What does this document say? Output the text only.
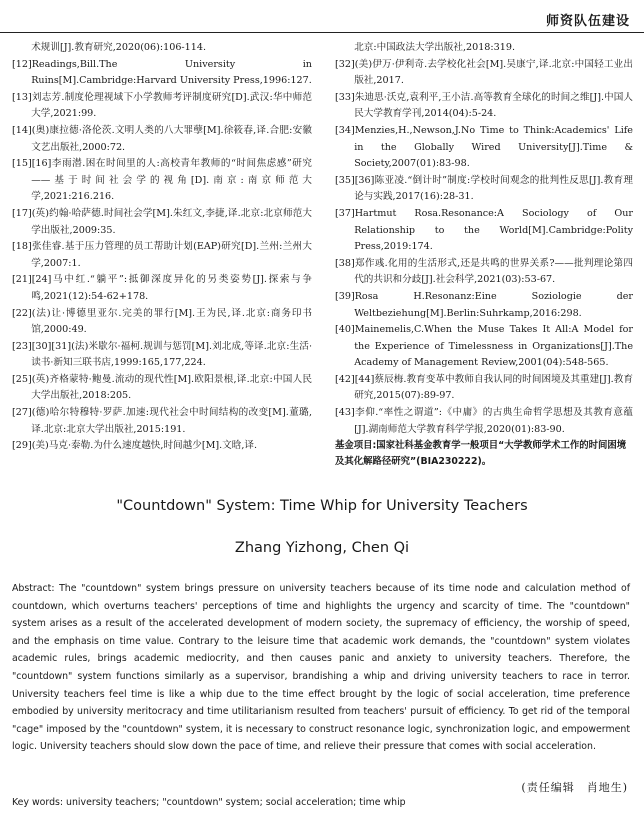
师资队伍建设

术规训[J].教育研究,2020(06):106-114.

[12]Readings,Bill.The University in Ruins[M].Cambridge:Harvard University Press,1996:127.

[13]刘志芳.制度伦理视域下小学教师考评制度研究[D].武汉:华中师范大学,2021:99.

[14](奥)康拉德·洛伦茨.文明人类的八大罪孽[M].徐筱春,译.合肥:安徽文艺出版社,2000:72.

[15][16]李雨潜.困在时间里的人:高校青年教师的“时间焦虑感”研究——基于时间社会学的视角[D].南京:南京师范大学,2021:216.216.

[17](英)约翰·哈萨德.时间社会学[M].朱红文,李捷,译.北京:北京师范大学出版社,2009:35.

[18]张佳睿.基于压力管理的员工帮助计划(EAP)研究[D].兰州:兰州大学,2007:1.

[21][24]马中红.“躺平”:抵御深度异化的另类姿势[J].探索与争鸣,2021(12):54-62+178.

[22](法)让·博德里亚尔.完美的罪行[M].王为民,译.北京:商务印书馆,2000:49.

[23][30][31](法)米歇尔·福柯.规训与惩罚[M].刘北成,等译.北京:生活·读书·新知三联书店,1999:165,177,224.

[25](英)齐格蒙特·鲍曼.流动的现代性[M].欧阳景根,译.北京:中国人民大学出版社,2018:205.

[27](德)哈尔特穆特·罗萨.加速:现代社会中时间结构的改变[M].董璐,译.北京:北京大学出版社,2015:191.

[29](美)马克·泰勒.为什么速度越快,时间越少[M].文晗,译.

北京:中国政法大学出版社,2018:319.

[32](美)伊万·伊利奇.去学校化社会[M].吴康宁,译.北京:中国轻工业出版社,2017.

[33]朱迪思·沃克,袁利平,王小洁.高等教育全球化的时间之维[J].中国人民大学教育学刊,2014(04):5-24.

[34]Menzies,H.,Newson,J.No Time to Think:Academics' Life in the Globally Wired University[J].Time & Society,2007(01):83-98.

[35][36]陈亚凌.“倒计时”制度:学校时间观念的批判性反思[J].教育理论与实践,2017(16):28-31.

[37]Hartmut Rosa.Resonance:A Sociology of Our Relationship to the World[M].Cambridge:Polity Press,2019:174.

[38]郑作彧.化用的生活形式,还是共鸣的世界关系?——批判理论第四代的共识和分歧[J].社会科学,2021(03):53-67.

[39]Rosa H.Resonanz:Eine Soziologie der Weltbeziehung[M].Berlin:Suhrkamp,2016:298.

[40]Mainemelis,C.When the Muse Takes It All:A Model for the Experience of Timelessness in Organizations[J].The Academy of Management Review,2001(04):548-565.

[42][44]蔡辰梅.教育变革中教师自我认同的时间困境及其重建[J].教育研究,2015(07):89-97.

[43]李仰.“率性之谓道”:《中庸》的古典生命哲学思想及其教育意蕴[J].湖南师范大学教育科学学报,2020(01):83-90.

基金项目:国家社科基金教育学一般项目“大学教师学术工作的时间困境及其化解路径研究”(BIA230222)。

"Countdown" System: Time Whip for University Teachers
Zhang Yizhong, Chen Qi

Abstract: The "countdown" system brings pressure on university teachers because of its time node and calculation method of countdown, which overturns teachers' perceptions of time and highlights the urgency and scarcity of time. The "countdown" system arises as a result of the accelerated development of modern society, the supremacy of efficiency, the worship of speed, and the emphasis on time value. Contrary to the leisure time that academic work demands, the "countdown" system violates academic rules, brings academic mediocrity, and then causes panic and anxiety to university teachers. Therefore, the "countdown" system functions similarly as a supervisor, brandishing a whip and driving university teachers to race in terror. University teachers feel time is like a whip due to the time effect brought by the logic of social acceleration, time preference embodied by university meritocracy and time utilitarianism resulted from teachers' pursuit of efficiency. To get rid of the temporal "cage" imposed by the "countdown" system, it is necessary to construct resonance logic, synchronization logic, and empowerment logic. University teachers should slow down the pace of time, and relieve their pressure that comes with social acceleration.

(责任编辑　肖地生)

Key words: university teachers; "countdown" system; social acceleration; time whip
